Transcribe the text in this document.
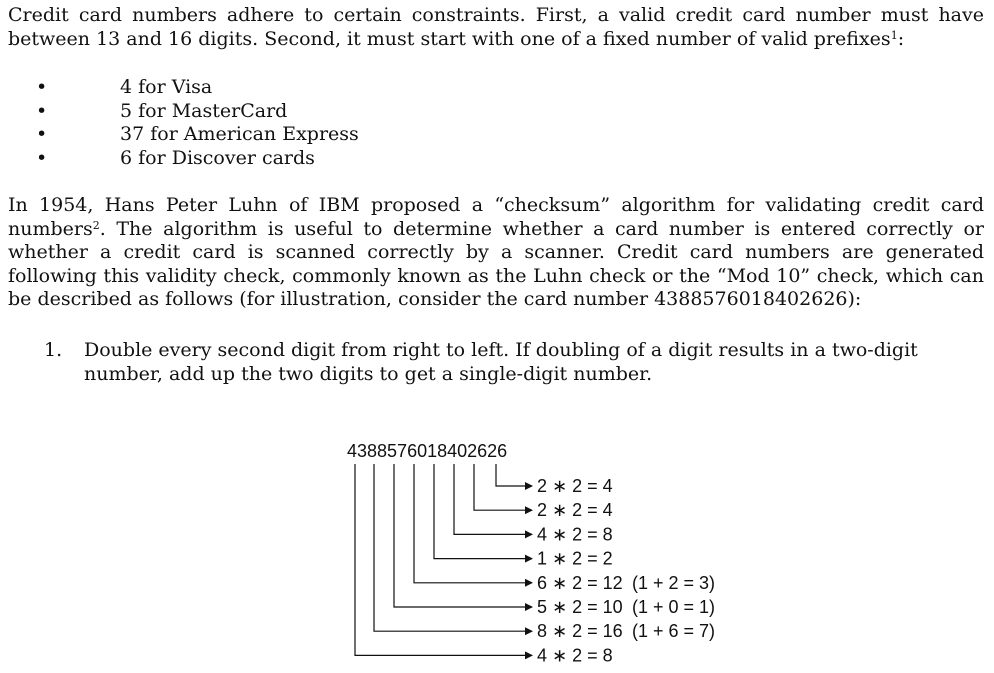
Credit card numbers adhere to certain constraints. First, a valid credit card number must have between 13 and 16 digits. Second, it must start with one of a fixed number of valid prefixes$^1$:

•	4 for Visa
•	5 for MasterCard
•	37 for American Express
•	6 for Discover cards

In 1954, Hans Peter Luhn of IBM proposed a “checksum” algorithm for validating credit card numbers$^2$. The algorithm is useful to determine whether a card number is entered correctly or whether a credit card is scanned correctly by a scanner. Credit card numbers are generated following this validity check, commonly known as the Luhn check or the “Mod 10” check, which can be described as follows (for illustration, consider the card number 4388576018402626):

1. Double every second digit from right to left. If doubling of a digit results in a two-digit number, add up the two digits to get a single-digit number.
4388576018402626
2 ∗ 2 = 4
2 ∗ 2 = 4
4 ∗ 2 = 8
1 ∗ 2 = 2
6 ∗ 2 = 12 (1 + 2 = 3)
5 ∗ 2 = 10 (1 + 0 = 1)
8 ∗ 2 = 16 (1 + 6 = 7)
4 ∗ 2 = 8
